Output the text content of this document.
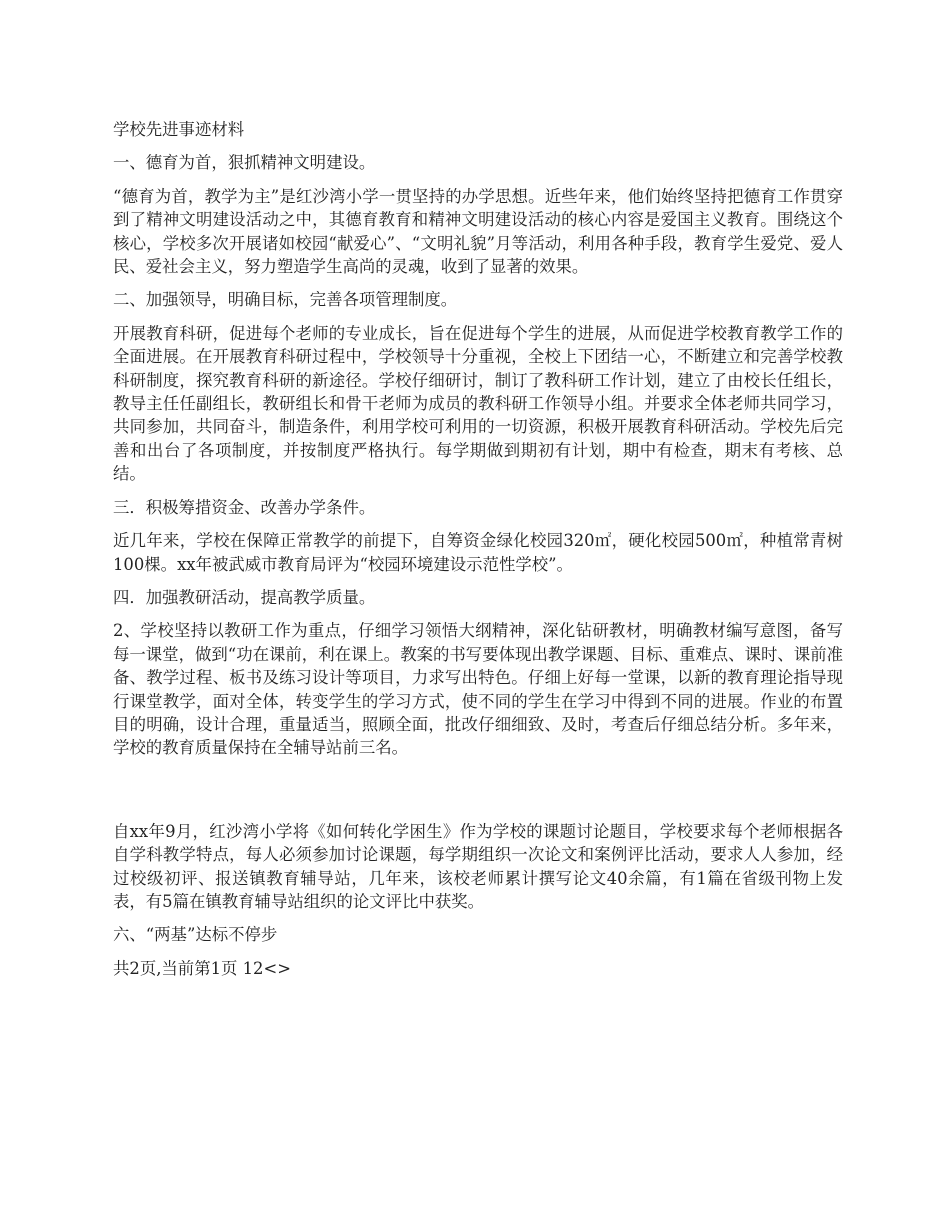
学校先进事迹材料

一、德育为首，狠抓精神文明建设。

“德育为首，教学为主”是红沙湾小学一贯坚持的办学思想。近些年来，他们始终坚持把德育工作贯穿到了精神文明建设活动之中，其德育教育和精神文明建设活动的核心内容是爱国主义教育。围绕这个核心，学校多次开展诸如校园“献爱心”、“文明礼貌”月等活动，利用各种手段，教育学生爱党、爱人民、爱社会主义，努力塑造学生高尚的灵魂，收到了显著的效果。

二、加强领导，明确目标，完善各项管理制度。

开展教育科研，促进每个老师的专业成长，旨在促进每个学生的进展，从而促进学校教育教学工作的全面进展。在开展教育科研过程中，学校领导十分重视，全校上下团结一心，不断建立和完善学校教科研制度，探究教育科研的新途径。学校仔细研讨，制订了教科研工作计划，建立了由校长任组长，教导主任任副组长，教研组长和骨干老师为成员的教科研工作领导小组。并要求全体老师共同学习，共同参加，共同奋斗，制造条件，利用学校可利用的一切资源，积极开展教育科研活动。学校先后完善和出台了各项制度，并按制度严格执行。每学期做到期初有计划，期中有检查，期末有考核、总结。

三．积极筹措资金、改善办学条件。

近几年来，学校在保障正常教学的前提下，自筹资金绿化校园320㎡，硬化校园500㎡，种植常青树100棵。xx年被武威市教育局评为“校园环境建设示范性学校”。

四．加强教研活动，提高教学质量。

2、学校坚持以教研工作为重点，仔细学习领悟大纲精神，深化钻研教材，明确教材编写意图，备写每一课堂，做到“功在课前，利在课上。教案的书写要体现出教学课题、目标、重难点、课时、课前准备、教学过程、板书及练习设计等项目，力求写出特色。仔细上好每一堂课，以新的教育理论指导现行课堂教学，面对全体，转变学生的学习方式，使不同的学生在学习中得到不同的进展。作业的布置目的明确，设计合理，重量适当，照顾全面，批改仔细细致、及时，考查后仔细总结分析。多年来，学校的教育质量保持在全辅导站前三名。

自xx年9月，红沙湾小学将《如何转化学困生》作为学校的课题讨论题目，学校要求每个老师根据各自学科教学特点，每人必须参加讨论课题，每学期组织一次论文和案例评比活动，要求人人参加，经过校级初评、报送镇教育辅导站，几年来，该校老师累计撰写论文40余篇，有1篇在省级刊物上发表，有5篇在镇教育辅导站组织的论文评比中获奖。

六、“两基”达标不停步

共2页,当前第1页 12<>
